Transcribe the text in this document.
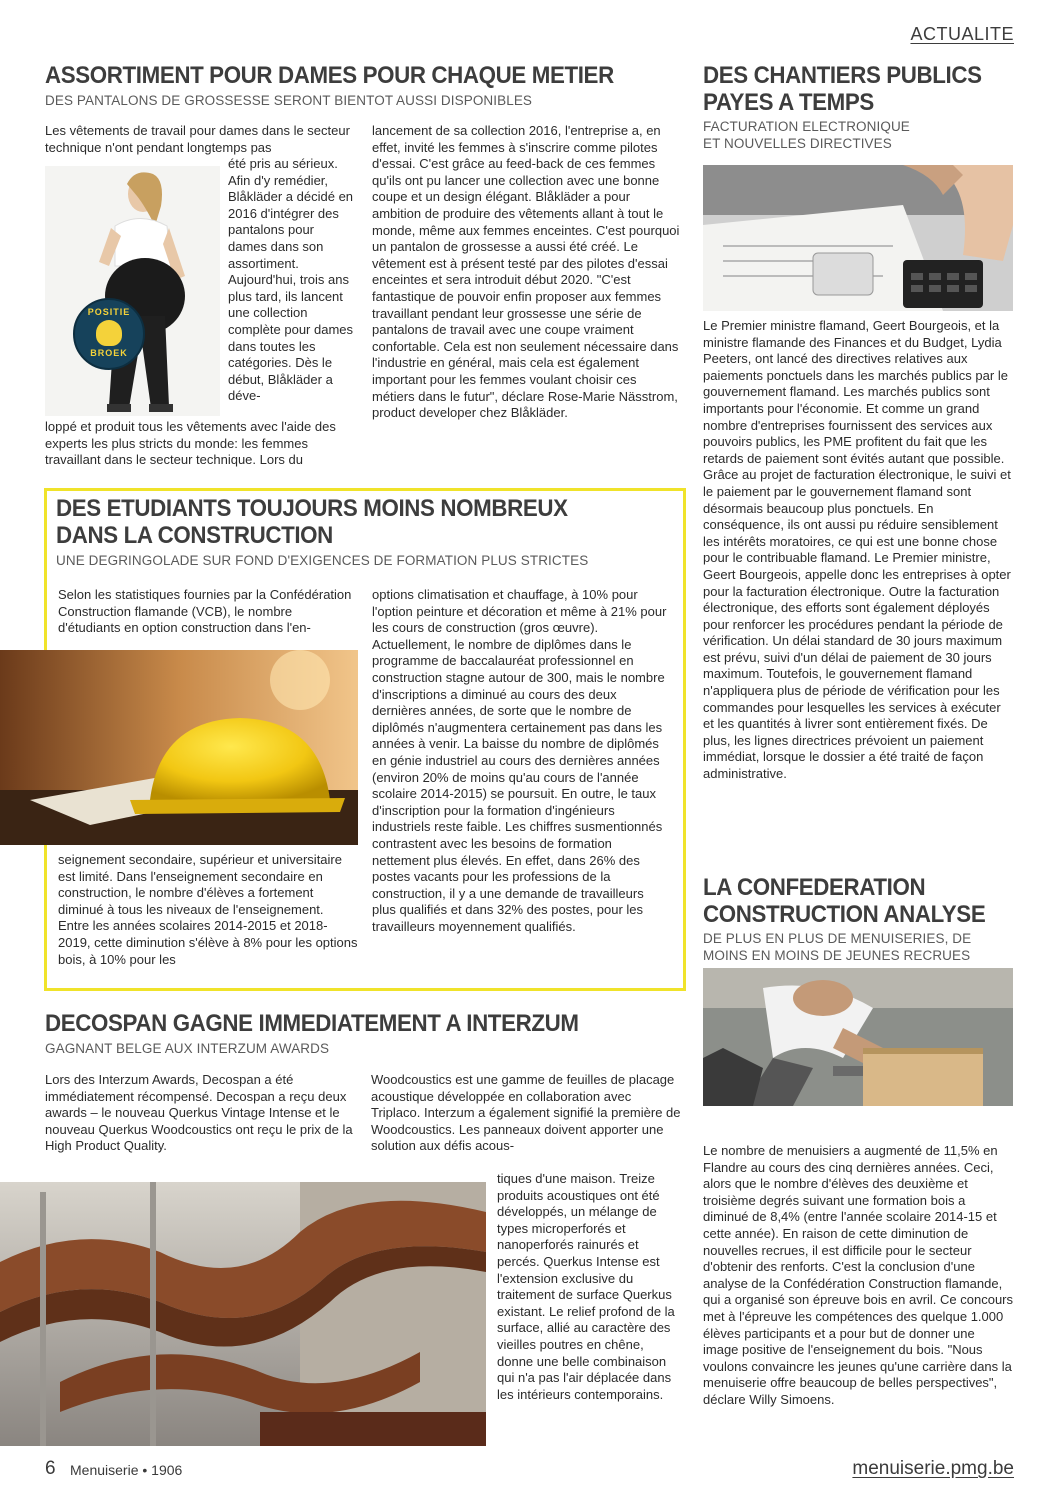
ACTUALITE
ASSORTIMENT POUR DAMES POUR CHAQUE METIER

DES PANTALONS DE GROSSESSE SERONT BIENTOT AUSSI DISPONIBLES

POSITIE
BROEK
Les vêtements de travail pour dames dans le secteur technique n'ont pendant longtemps pas
été pris au sérieux. Afin d'y remédier, Blåkläder a décidé en 2016 d'intégrer des pantalons pour dames dans son assortiment. Aujourd'hui, trois ans plus tard, ils lancent une collection complète pour dames dans toutes les catégories. Dès le début, Blåkläder a déve-
loppé et produit tous les vêtements avec l'aide des experts les plus stricts du monde: les femmes travaillant dans le secteur technique. Lors du
lancement de sa collection 2016, l'entreprise a, en effet, invité les femmes à s'inscrire comme pilotes d'essai. C'est grâce au feed-back de ces femmes qu'ils ont pu lancer une collection avec une bonne coupe et un design élégant. Blåkläder a pour ambition de produire des vêtements allant à tout le monde, même aux femmes enceintes. C'est pourquoi un pantalon de grossesse a aussi été créé. Le vêtement est à présent testé par des pilotes d'essai enceintes et sera introduit début 2020. "C'est fantastique de pouvoir enfin proposer aux femmes travaillant pendant leur grossesse une série de pantalons de travail avec une coupe vraiment confortable. Cela est non seulement nécessaire dans l'industrie en général, mais cela est également important pour les femmes voulant choisir ces métiers dans le futur", déclare Rose-Marie Nässtrom, product developer chez Blåkläder.
DES ETUDIANTS TOUJOURS MOINS NOMBREUX
DANS LA CONSTRUCTION

UNE DEGRINGOLADE SUR FOND D'EXIGENCES DE FORMATION PLUS STRICTES

Selon les statistiques fournies par la Confédération Construction flamande (VCB), le nombre d'étudiants en option construction dans l'en-
seignement secondaire, supérieur et universitaire est limité. Dans l'enseignement secondaire en construction, le nombre d'élèves a fortement diminué à tous les niveaux de l'enseignement. Entre les années scolaires 2014-2015 et 2018-2019, cette diminution s'élève à 8% pour les options bois, à 10% pour les
options climatisation et chauffage, à 10% pour l'option peinture et décoration et même à 21% pour les cours de construction (gros œuvre). Actuellement, le nombre de diplômes dans le programme de baccalauréat professionnel en construction stagne autour de 300, mais le nombre d'inscriptions a diminué au cours des deux dernières années, de sorte que le nombre de diplômés n'augmentera certainement pas dans les années à venir. La baisse du nombre de diplômés en génie industriel au cours des dernières années (environ 20% de moins qu'au cours de l'année scolaire 2014-2015) se poursuit. En outre, le taux d'inscription pour la formation d'ingénieurs industriels reste faible. Les chiffres susmentionnés contrastent avec les besoins de formation nettement plus élevés. En effet, dans 26% des postes vacants pour les professions de la construction, il y a une demande de travailleurs plus qualifiés et dans 32% des postes, pour les travailleurs moyennement qualifiés.
DECOSPAN GAGNE IMMEDIATEMENT A INTERZUM

GAGNANT BELGE AUX INTERZUM AWARDS

Lors des Interzum Awards, Decospan a été immédiatement récompensé. Decospan a reçu deux awards – le nouveau Querkus Vintage Intense et le nouveau Querkus Woodcoustics ont reçu le prix de la High Product Quality.
Woodcoustics est une gamme de feuilles de placage acoustique développée en collaboration avec Triplaco. Interzum a également signifié la première de Woodcoustics. Les panneaux doivent apporter une solution aux défis acous-
tiques d'une maison. Treize produits acoustiques ont été développés, un mélange de types microperforés et nanoperforés rainurés et percés. Querkus Intense est l'extension exclusive du traitement de surface Querkus existant. Le relief profond de la surface, allié au caractère des vieilles poutres en chêne, donne une belle combinaison qui n'a pas l'air déplacée dans les intérieurs contemporains.
DES CHANTIERS PUBLICS
PAYES A TEMPS

FACTURATION ELECTRONIQUE

ET NOUVELLES DIRECTIVES

Le Premier ministre flamand, Geert Bourgeois, et la ministre flamande des Finances et du Budget, Lydia Peeters, ont lancé des directives relatives aux paiements ponctuels dans les marchés publics par le gouvernement flamand. Les marchés publics sont importants pour l'économie. Et comme un grand nombre d'entreprises fournissent des services aux pouvoirs publics, les PME profitent du fait que les retards de paiement sont évités autant que possible. Grâce au projet de facturation électronique, le suivi et le paiement par le gouvernement flamand sont désormais beaucoup plus ponctuels. En conséquence, ils ont aussi pu réduire sensiblement les intérêts moratoires, ce qui est une bonne chose pour le contribuable flamand. Le Premier ministre, Geert Bourgeois, appelle donc les entreprises à opter pour la facturation électronique. Outre la facturation électronique, des efforts sont également déployés pour renforcer les procédures pendant la période de vérification. Un délai standard de 30 jours maximum est prévu, suivi d'un délai de paiement de 30 jours maximum. Toutefois, le gouvernement flamand n'appliquera plus de période de vérification pour les commandes pour lesquelles les services à exécuter et les quantités à livrer sont entièrement fixés. De plus, les lignes directrices prévoient un paiement immédiat, lorsque le dossier a été traité de façon administrative.
LA CONFEDERATION
CONSTRUCTION ANALYSE

DE PLUS EN PLUS DE MENUISERIES, DE

MOINS EN MOINS DE JEUNES RECRUES

Le nombre de menuisiers a augmenté de 11,5% en Flandre au cours des cinq dernières années. Ceci, alors que le nombre d'élèves des deuxième et troisième degrés suivant une formation bois a diminué de 8,4% (entre l'année scolaire 2014-15 et cette année). En raison de cette diminution de nouvelles recrues, il est difficile pour le secteur d'obtenir des renforts. C'est la conclusion d'une analyse de la Confédération Construction flamande, qui a organisé son épreuve bois en avril. Ce concours met à l'épreuve les compétences des quelque 1.000 élèves participants et a pour but de donner une image positive de l'enseignement du bois. "Nous voulons convaincre les jeunes qu'une carrière dans la menuiserie offre beaucoup de belles perspectives", déclare Willy Simoens.
6 Menuiserie • 1906	menuiserie.pmg.be
